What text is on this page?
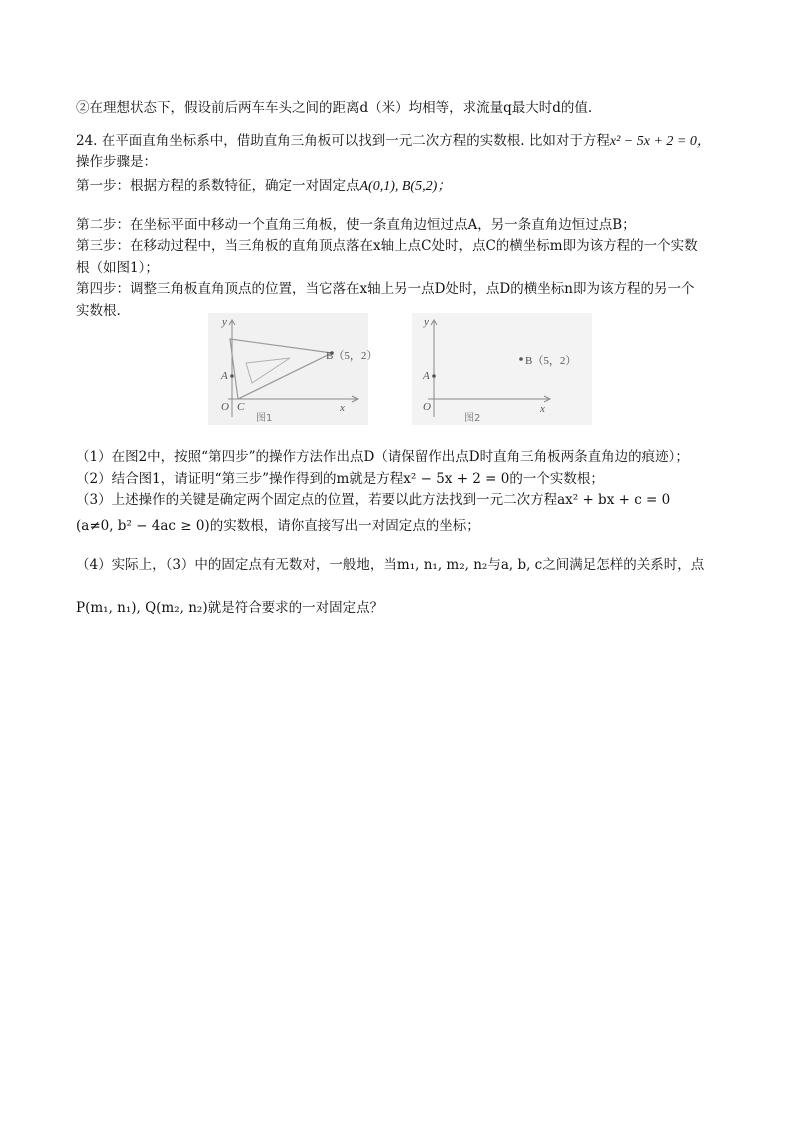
②在理想状态下，假设前后两车车头之间的距离d（米）均相等，求流量q最大时d的值.
24. 在平面直角坐标系中，借助直角三角板可以找到一元二次方程的实数根. 比如对于方程x² − 5x + 2 = 0，
操作步骤是：
第一步：根据方程的系数特征，确定一对固定点A(0,1), B(5,2)；
第二步：在坐标平面中移动一个直角三角板，使一条直角边恒过点A，另一条直角边恒过点B；
第三步：在移动过程中，当三角板的直角顶点落在x轴上点C处时，点C的横坐标m即为该方程的一个实数
根（如图1）；
第四步：调整三角板直角顶点的位置，当它落在x轴上另一点D处时，点D的横坐标n即为该方程的另一个
实数根.
y
x
O
A
C
B（5，2）
图1
y
x
O
A
B（5，2）
图2
（1）在图2中，按照“第四步”的操作方法作出点D（请保留作出点D时直角三角板两条直角边的痕迹）；
（2）结合图1，请证明“第三步”操作得到的m就是方程x² − 5x + 2 = 0的一个实数根；
（3）上述操作的关键是确定两个固定点的位置，若要以此方法找到一元二次方程ax² + bx + c = 0
(a≠0, b² − 4ac ≥ 0)的实数根，请你直接写出一对固定点的坐标；
（4）实际上，（3）中的固定点有无数对，一般地，当m₁, n₁, m₂, n₂与a, b, c之间满足怎样的关系时，点
P(m₁, n₁), Q(m₂, n₂)就是符合要求的一对固定点？
